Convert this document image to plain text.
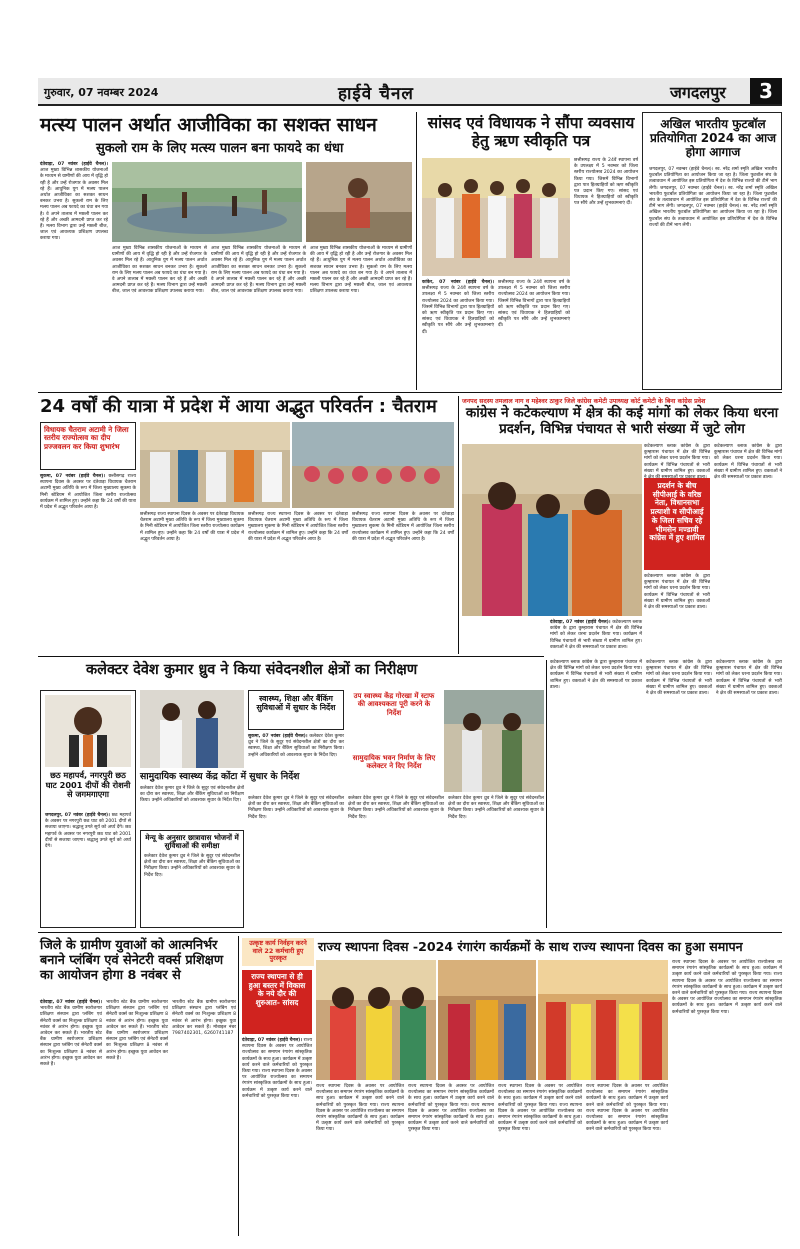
गुरुवार, 07 नवम्बर 2024	हाईवे चैनल	जगदलपुर	3
मत्स्य पालन अर्थात आजीविका का सशक्त साधन
सुकलो राम के लिए मत्स्य पालन बना फायदे का धंधा
दंतेवाड़ा, 07 नवंबर (हाईवे चैनल)। आज मुख्य विभिन्न शासकीय योजनाओं के माध्यम से ग्रामीणों की आय में वृद्धि हो रही है और उन्हें रोजगार के अवसर मिल रहे हैं। आधुनिक युग में मत्स्य पालन अर्थात आजीविका का सशक्त साधन बनकर उभरा है। सुकलो राम के लिए मत्स्य पालन अब फायदे का धंधा बन गया है। वे अपने तालाब में मछली पालन कर रहे हैं और अच्छी आमदनी प्राप्त कर रहे हैं। मत्स्य विभाग द्वारा उन्हें मछली बीज, जाल एवं आवश्यक प्रशिक्षण उपलब्ध कराया गया।
आज मुख्य विभिन्न शासकीय योजनाओं के माध्यम से ग्रामीणों की आय में वृद्धि हो रही है और उन्हें रोजगार के अवसर मिल रहे हैं। आधुनिक युग में मत्स्य पालन अर्थात आजीविका का सशक्त साधन बनकर उभरा है। सुकलो राम के लिए मत्स्य पालन अब फायदे का धंधा बन गया है। वे अपने तालाब में मछली पालन कर रहे हैं और अच्छी आमदनी प्राप्त कर रहे हैं। मत्स्य विभाग द्वारा उन्हें मछली बीज, जाल एवं आवश्यक प्रशिक्षण उपलब्ध कराया गया।
आज मुख्य विभिन्न शासकीय योजनाओं के माध्यम से ग्रामीणों की आय में वृद्धि हो रही है और उन्हें रोजगार के अवसर मिल रहे हैं। आधुनिक युग में मत्स्य पालन अर्थात आजीविका का सशक्त साधन बनकर उभरा है। सुकलो राम के लिए मत्स्य पालन अब फायदे का धंधा बन गया है। वे अपने तालाब में मछली पालन कर रहे हैं और अच्छी आमदनी प्राप्त कर रहे हैं। मत्स्य विभाग द्वारा उन्हें मछली बीज, जाल एवं आवश्यक प्रशिक्षण उपलब्ध कराया गया।
आज मुख्य विभिन्न शासकीय योजनाओं के माध्यम से ग्रामीणों की आय में वृद्धि हो रही है और उन्हें रोजगार के अवसर मिल रहे हैं। आधुनिक युग में मत्स्य पालन अर्थात आजीविका का सशक्त साधन बनकर उभरा है। सुकलो राम के लिए मत्स्य पालन अब फायदे का धंधा बन गया है। वे अपने तालाब में मछली पालन कर रहे हैं और अच्छी आमदनी प्राप्त कर रहे हैं। मत्स्य विभाग द्वारा उन्हें मछली बीज, जाल एवं आवश्यक प्रशिक्षण उपलब्ध कराया गया।
सांसद एवं विधायक ने सौंपा व्यवसाय हेतु ऋण स्वीकृति पत्र
कांकेर, 07 नवंबर (हाईवे चैनल)। छत्तीसगढ़ राज्य के 24वें स्थापना वर्ष के उपलक्ष्य में 5 नवम्बर को जिला स्तरीय राज्योत्सव 2024 का आयोजन किया गया। जिसमें विभिन्न विभागों द्वारा पात्र हितग्राहियों को ऋण स्वीकृति पत्र प्रदान किए गए। सांसद एवं विधायक ने हितग्राहियों को स्वीकृति पत्र सौंपे और उन्हें शुभकामनाएं दीं।
छत्तीसगढ़ राज्य के 24वें स्थापना वर्ष के उपलक्ष्य में 5 नवम्बर को जिला स्तरीय राज्योत्सव 2024 का आयोजन किया गया। जिसमें विभिन्न विभागों द्वारा पात्र हितग्राहियों को ऋण स्वीकृति पत्र प्रदान किए गए। सांसद एवं विधायक ने हितग्राहियों को स्वीकृति पत्र सौंपे और उन्हें शुभकामनाएं दीं।
छत्तीसगढ़ राज्य के 24वें स्थापना वर्ष के उपलक्ष्य में 5 नवम्बर को जिला स्तरीय राज्योत्सव 2024 का आयोजन किया गया। जिसमें विभिन्न विभागों द्वारा पात्र हितग्राहियों को ऋण स्वीकृति पत्र प्रदान किए गए। सांसद एवं विधायक ने हितग्राहियों को स्वीकृति पत्र सौंपे और उन्हें शुभकामनाएं दीं।
अखिल भारतीय फुटबॉल प्रतियोगिता 2024 का आज होगा आगाज
जगदलपुर, 07 नवम्बर (हाईवे चैनल)। स्व. नरेंद्र शर्मा स्मृति अखिल भारतीय फुटबॉल प्रतियोगिता का आयोजन किया जा रहा है। जिला फुटबॉल संघ के तत्वावधान में आयोजित इस प्रतियोगिता में देश के विभिन्न राज्यों की टीमें भाग लेंगी। जगदलपुर, 07 नवम्बर (हाईवे चैनल)। स्व. नरेंद्र शर्मा स्मृति अखिल भारतीय फुटबॉल प्रतियोगिता का आयोजन किया जा रहा है। जिला फुटबॉल संघ के तत्वावधान में आयोजित इस प्रतियोगिता में देश के विभिन्न राज्यों की टीमें भाग लेंगी। जगदलपुर, 07 नवम्बर (हाईवे चैनल)। स्व. नरेंद्र शर्मा स्मृति अखिल भारतीय फुटबॉल प्रतियोगिता का आयोजन किया जा रहा है। जिला फुटबॉल संघ के तत्वावधान में आयोजित इस प्रतियोगिता में देश के विभिन्न राज्यों की टीमें भाग लेंगी।
24 वर्षों की यात्रा में प्रदेश में आया अद्भुत परिवर्तन : चैतराम
विधायक चैतराम अटामी ने जिला स्तरीय राज्योत्सव का दीप प्रज्जवलन कर किया शुभारंभ
सुकमा, 07 नवंबर (हाईवे चैनल)। छत्तीसगढ़ राज्य स्थापना दिवस के अवसर पर दंतेवाड़ा विधायक चैतराम अटामी मुख्य अतिथि के रूप में जिला मुख्यालय सुकमा के मिनी स्टेडियम में आयोजित जिला स्तरीय राज्योत्सव कार्यक्रम में शामिल हुए। उन्होंने कहा कि 24 वर्षों की यात्रा में प्रदेश में अद्भुत परिवर्तन आया है।
छत्तीसगढ़ राज्य स्थापना दिवस के अवसर पर दंतेवाड़ा विधायक चैतराम अटामी मुख्य अतिथि के रूप में जिला मुख्यालय सुकमा के मिनी स्टेडियम में आयोजित जिला स्तरीय राज्योत्सव कार्यक्रम में शामिल हुए। उन्होंने कहा कि 24 वर्षों की यात्रा में प्रदेश में अद्भुत परिवर्तन आया है।
छत्तीसगढ़ राज्य स्थापना दिवस के अवसर पर दंतेवाड़ा विधायक चैतराम अटामी मुख्य अतिथि के रूप में जिला मुख्यालय सुकमा के मिनी स्टेडियम में आयोजित जिला स्तरीय राज्योत्सव कार्यक्रम में शामिल हुए। उन्होंने कहा कि 24 वर्षों की यात्रा में प्रदेश में अद्भुत परिवर्तन आया है।
छत्तीसगढ़ राज्य स्थापना दिवस के अवसर पर दंतेवाड़ा विधायक चैतराम अटामी मुख्य अतिथि के रूप में जिला मुख्यालय सुकमा के मिनी स्टेडियम में आयोजित जिला स्तरीय राज्योत्सव कार्यक्रम में शामिल हुए। उन्होंने कहा कि 24 वर्षों की यात्रा में प्रदेश में अद्भुत परिवर्तन आया है।
जनपद सदस्य तमलाल नाग व महेश्वर ठाकुर जिले कांग्रेस कमेटी उपाध्यक्ष कोर्ट कमेटी के बिना कांग्रेस प्रवेश
कांग्रेस ने कटेकल्याण में क्षेत्र की कई मांगों को लेकर किया धरना प्रदर्शन, विभिन्न पंचायत से भारी संख्या में जुटे लोग
प्रदर्शन के बीच सीपीआई के वरिष्ठ नेता, विधानसभा प्रत्याशी व सीपीआई के जिला सचिव रहे भीमसेन मण्डावी कांग्रेस में हुए शामिल
कटेकल्याण ब्लाक कांग्रेस के द्वारा कुम्हारास पंचायत में क्षेत्र की विभिन्न मांगों को लेकर धरना प्रदर्शन किया गया। कार्यक्रम में विभिन्न पंचायतों से भारी संख्या में ग्रामीण शामिल हुए। वक्ताओं ने क्षेत्र की समस्याओं पर प्रकाश डाला।
कटेकल्याण ब्लाक कांग्रेस के द्वारा कुम्हारास पंचायत में क्षेत्र की विभिन्न मांगों को लेकर धरना प्रदर्शन किया गया। कार्यक्रम में विभिन्न पंचायतों से भारी संख्या में ग्रामीण शामिल हुए। वक्ताओं ने क्षेत्र की समस्याओं पर प्रकाश डाला।
कटेकल्याण ब्लाक कांग्रेस के द्वारा कुम्हारास पंचायत में क्षेत्र की विभिन्न मांगों को लेकर धरना प्रदर्शन किया गया। कार्यक्रम में विभिन्न पंचायतों से भारी संख्या में ग्रामीण शामिल हुए। वक्ताओं ने क्षेत्र की समस्याओं पर प्रकाश डाला।
दंतेवाड़ा, 07 नवंबर (हाईवे चैनल)। कटेकल्याण ब्लाक कांग्रेस के द्वारा कुम्हारास पंचायत में क्षेत्र की विभिन्न मांगों को लेकर धरना प्रदर्शन किया गया। कार्यक्रम में विभिन्न पंचायतों से भारी संख्या में ग्रामीण शामिल हुए। वक्ताओं ने क्षेत्र की समस्याओं पर प्रकाश डाला।
कटेकल्याण ब्लाक कांग्रेस के द्वारा कुम्हारास पंचायत में क्षेत्र की विभिन्न मांगों को लेकर धरना प्रदर्शन किया गया। कार्यक्रम में विभिन्न पंचायतों से भारी संख्या में ग्रामीण शामिल हुए। वक्ताओं ने क्षेत्र की समस्याओं पर प्रकाश डाला।
कटेकल्याण ब्लाक कांग्रेस के द्वारा कुम्हारास पंचायत में क्षेत्र की विभिन्न मांगों को लेकर धरना प्रदर्शन किया गया। कार्यक्रम में विभिन्न पंचायतों से भारी संख्या में ग्रामीण शामिल हुए। वक्ताओं ने क्षेत्र की समस्याओं पर प्रकाश डाला।
कटेकल्याण ब्लाक कांग्रेस के द्वारा कुम्हारास पंचायत में क्षेत्र की विभिन्न मांगों को लेकर धरना प्रदर्शन किया गया। कार्यक्रम में विभिन्न पंचायतों से भारी संख्या में ग्रामीण शामिल हुए। वक्ताओं ने क्षेत्र की समस्याओं पर प्रकाश डाला।
कलेक्टर देवेश कुमार ध्रुव ने किया संवेदनशील क्षेत्रों का निरीक्षण
छठ महापर्व, नगरपुरी छठ घाट 2001 दीपों की रोशनी से जगमगाएगा
जगदलपुर, 07 नवंबर (हाईवे चैनल)। छठ महापर्व के अवसर पर नगरपुरी छठ घाट को 2001 दीपों से सजाया जाएगा। श्रद्धालु उगते सूर्य को अर्घ्य देंगे। छठ महापर्व के अवसर पर नगरपुरी छठ घाट को 2001 दीपों से सजाया जाएगा। श्रद्धालु उगते सूर्य को अर्घ्य देंगे।
स्वास्थ्य, शिक्षा और बैंकिंग सुविधाओं में सुधार के निर्देश
सुकमा, 07 नवंबर (हाईवे चैनल)। कलेक्टर देवेश कुमार ध्रुव ने जिले के सुदूर एवं संवेदनशील क्षेत्रों का दौरा कर स्वास्थ्य, शिक्षा और बैंकिंग सुविधाओं का निरीक्षण किया। उन्होंने अधिकारियों को आवश्यक सुधार के निर्देश दिए।
उप स्वास्थ्य केंद्र गोरखा में स्टाफ की आवश्यकता पूरी करने के निर्देश
सामुदायिक भवन निर्माण के लिए कलेक्टर ने दिए निर्देश
सामुदायिक स्वास्थ्य केंद्र कोंटा में सुधार के निर्देश
कलेक्टर देवेश कुमार ध्रुव ने जिले के सुदूर एवं संवेदनशील क्षेत्रों का दौरा कर स्वास्थ्य, शिक्षा और बैंकिंग सुविधाओं का निरीक्षण किया। उन्होंने अधिकारियों को आवश्यक सुधार के निर्देश दिए।
मेन्यू के अनुसार छात्रावास भोजनों में सुविधाओं की समीक्षा
कलेक्टर देवेश कुमार ध्रुव ने जिले के सुदूर एवं संवेदनशील क्षेत्रों का दौरा कर स्वास्थ्य, शिक्षा और बैंकिंग सुविधाओं का निरीक्षण किया। उन्होंने अधिकारियों को आवश्यक सुधार के निर्देश दिए।
कलेक्टर देवेश कुमार ध्रुव ने जिले के सुदूर एवं संवेदनशील क्षेत्रों का दौरा कर स्वास्थ्य, शिक्षा और बैंकिंग सुविधाओं का निरीक्षण किया। उन्होंने अधिकारियों को आवश्यक सुधार के निर्देश दिए।
कलेक्टर देवेश कुमार ध्रुव ने जिले के सुदूर एवं संवेदनशील क्षेत्रों का दौरा कर स्वास्थ्य, शिक्षा और बैंकिंग सुविधाओं का निरीक्षण किया। उन्होंने अधिकारियों को आवश्यक सुधार के निर्देश दिए।
कलेक्टर देवेश कुमार ध्रुव ने जिले के सुदूर एवं संवेदनशील क्षेत्रों का दौरा कर स्वास्थ्य, शिक्षा और बैंकिंग सुविधाओं का निरीक्षण किया। उन्होंने अधिकारियों को आवश्यक सुधार के निर्देश दिए।
जिले के ग्रामीण युवाओं को आत्मनिर्भर बनाने प्लंबिंग एवं सेनेटरी वर्क्स प्रशिक्षण का आयोजन होगा 8 नवंबर से
दंतेवाड़ा, 07 नवंबर (हाईवे चैनल)। भारतीय स्टेट बैंक ग्रामीण स्वरोजगार प्रशिक्षण संस्थान द्वारा प्लंबिंग एवं सेनेटरी वर्क्स का निःशुल्क प्रशिक्षण 8 नवंबर से आरंभ होगा। इच्छुक युवा आवेदन कर सकते हैं। भारतीय स्टेट बैंक ग्रामीण स्वरोजगार प्रशिक्षण संस्थान द्वारा प्लंबिंग एवं सेनेटरी वर्क्स का निःशुल्क प्रशिक्षण 8 नवंबर से आरंभ होगा। इच्छुक युवा आवेदन कर सकते हैं।
भारतीय स्टेट बैंक ग्रामीण स्वरोजगार प्रशिक्षण संस्थान द्वारा प्लंबिंग एवं सेनेटरी वर्क्स का निःशुल्क प्रशिक्षण 8 नवंबर से आरंभ होगा। इच्छुक युवा आवेदन कर सकते हैं। भारतीय स्टेट बैंक ग्रामीण स्वरोजगार प्रशिक्षण संस्थान द्वारा प्लंबिंग एवं सेनेटरी वर्क्स का निःशुल्क प्रशिक्षण 8 नवंबर से आरंभ होगा। इच्छुक युवा आवेदन कर सकते हैं।
भारतीय स्टेट बैंक ग्रामीण स्वरोजगार प्रशिक्षण संस्थान द्वारा प्लंबिंग एवं सेनेटरी वर्क्स का निःशुल्क प्रशिक्षण 8 नवंबर से आरंभ होगा। इच्छुक युवा आवेदन कर सकते हैं। मोबाइल नंबर 7987402301, 6260741187
उत्कृष्ट कार्य निर्वहन करने वाले 22 कर्मचारी हुए पुरस्कृत
राज्य स्थापना दिवस -2024 रंगारंग कार्यक्रमों के साथ राज्य स्थापना दिवस का हुआ समापन
राज्य स्थापना से ही हुआ बस्तर में विकास के नये दौर की शुरुआत- सांसद
राज्य स्थापना दिवस के अवसर पर आयोजित राज्योत्सव का समापन रंगारंग सांस्कृतिक कार्यक्रमों के साथ हुआ। कार्यक्रम में उत्कृष्ट कार्य करने वाले कर्मचारियों को पुरस्कृत किया गया। राज्य स्थापना दिवस के अवसर पर आयोजित राज्योत्सव का समापन रंगारंग सांस्कृतिक कार्यक्रमों के साथ हुआ। कार्यक्रम में उत्कृष्ट कार्य करने वाले कर्मचारियों को पुरस्कृत किया गया। राज्य स्थापना दिवस के अवसर पर आयोजित राज्योत्सव का समापन रंगारंग सांस्कृतिक कार्यक्रमों के साथ हुआ। कार्यक्रम में उत्कृष्ट कार्य करने वाले कर्मचारियों को पुरस्कृत किया गया।
दंतेवाड़ा, 07 नवंबर (हाईवे चैनल)। राज्य स्थापना दिवस के अवसर पर आयोजित राज्योत्सव का समापन रंगारंग सांस्कृतिक कार्यक्रमों के साथ हुआ। कार्यक्रम में उत्कृष्ट कार्य करने वाले कर्मचारियों को पुरस्कृत किया गया। राज्य स्थापना दिवस के अवसर पर आयोजित राज्योत्सव का समापन रंगारंग सांस्कृतिक कार्यक्रमों के साथ हुआ। कार्यक्रम में उत्कृष्ट कार्य करने वाले कर्मचारियों को पुरस्कृत किया गया।
राज्य स्थापना दिवस के अवसर पर आयोजित राज्योत्सव का समापन रंगारंग सांस्कृतिक कार्यक्रमों के साथ हुआ। कार्यक्रम में उत्कृष्ट कार्य करने वाले कर्मचारियों को पुरस्कृत किया गया। राज्य स्थापना दिवस के अवसर पर आयोजित राज्योत्सव का समापन रंगारंग सांस्कृतिक कार्यक्रमों के साथ हुआ। कार्यक्रम में उत्कृष्ट कार्य करने वाले कर्मचारियों को पुरस्कृत किया गया।
राज्य स्थापना दिवस के अवसर पर आयोजित राज्योत्सव का समापन रंगारंग सांस्कृतिक कार्यक्रमों के साथ हुआ। कार्यक्रम में उत्कृष्ट कार्य करने वाले कर्मचारियों को पुरस्कृत किया गया। राज्य स्थापना दिवस के अवसर पर आयोजित राज्योत्सव का समापन रंगारंग सांस्कृतिक कार्यक्रमों के साथ हुआ। कार्यक्रम में उत्कृष्ट कार्य करने वाले कर्मचारियों को पुरस्कृत किया गया।
राज्य स्थापना दिवस के अवसर पर आयोजित राज्योत्सव का समापन रंगारंग सांस्कृतिक कार्यक्रमों के साथ हुआ। कार्यक्रम में उत्कृष्ट कार्य करने वाले कर्मचारियों को पुरस्कृत किया गया। राज्य स्थापना दिवस के अवसर पर आयोजित राज्योत्सव का समापन रंगारंग सांस्कृतिक कार्यक्रमों के साथ हुआ। कार्यक्रम में उत्कृष्ट कार्य करने वाले कर्मचारियों को पुरस्कृत किया गया।
राज्य स्थापना दिवस के अवसर पर आयोजित राज्योत्सव का समापन रंगारंग सांस्कृतिक कार्यक्रमों के साथ हुआ। कार्यक्रम में उत्कृष्ट कार्य करने वाले कर्मचारियों को पुरस्कृत किया गया। राज्य स्थापना दिवस के अवसर पर आयोजित राज्योत्सव का समापन रंगारंग सांस्कृतिक कार्यक्रमों के साथ हुआ। कार्यक्रम में उत्कृष्ट कार्य करने वाले कर्मचारियों को पुरस्कृत किया गया।
